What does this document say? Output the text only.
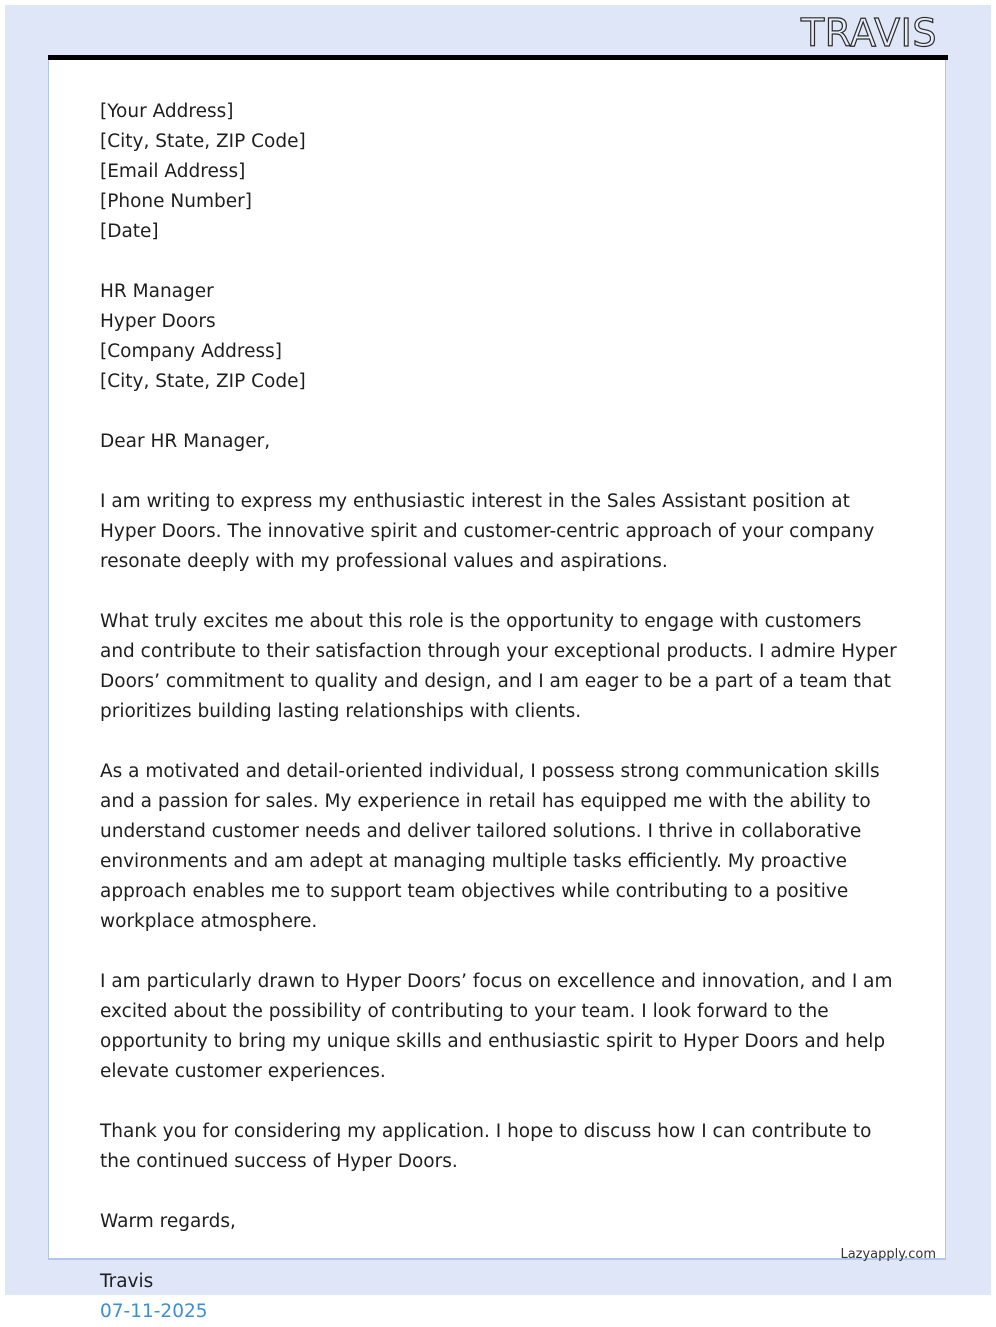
TRAVIS
[Your Address]
[City, State, ZIP Code]
[Email Address]
[Phone Number]
[Date]
HR Manager
Hyper Doors
[Company Address]
[City, State, ZIP Code]
Dear HR Manager,
I am writing to express my enthusiastic interest in the Sales Assistant position at Hyper Doors. The innovative spirit and customer-centric approach of your company resonate deeply with my professional values and aspirations.
What truly excites me about this role is the opportunity to engage with customers and contribute to their satisfaction through your exceptional products. I admire Hyper Doors’ commitment to quality and design, and I am eager to be a part of a team that prioritizes building lasting relationships with clients.
As a motivated and detail-oriented individual, I possess strong communication skills and a passion for sales. My experience in retail has equipped me with the ability to understand customer needs and deliver tailored solutions. I thrive in collaborative environments and am adept at managing multiple tasks efficiently. My proactive approach enables me to support team objectives while contributing to a positive workplace atmosphere.
I am particularly drawn to Hyper Doors’ focus on excellence and innovation, and I am excited about the possibility of contributing to your team. I look forward to the opportunity to bring my unique skills and enthusiastic spirit to Hyper Doors and help elevate customer experiences.
Thank you for considering my application. I hope to discuss how I can contribute to the continued success of Hyper Doors.
Warm regards,
Travis
07-11-2025
Lazyapply.com
